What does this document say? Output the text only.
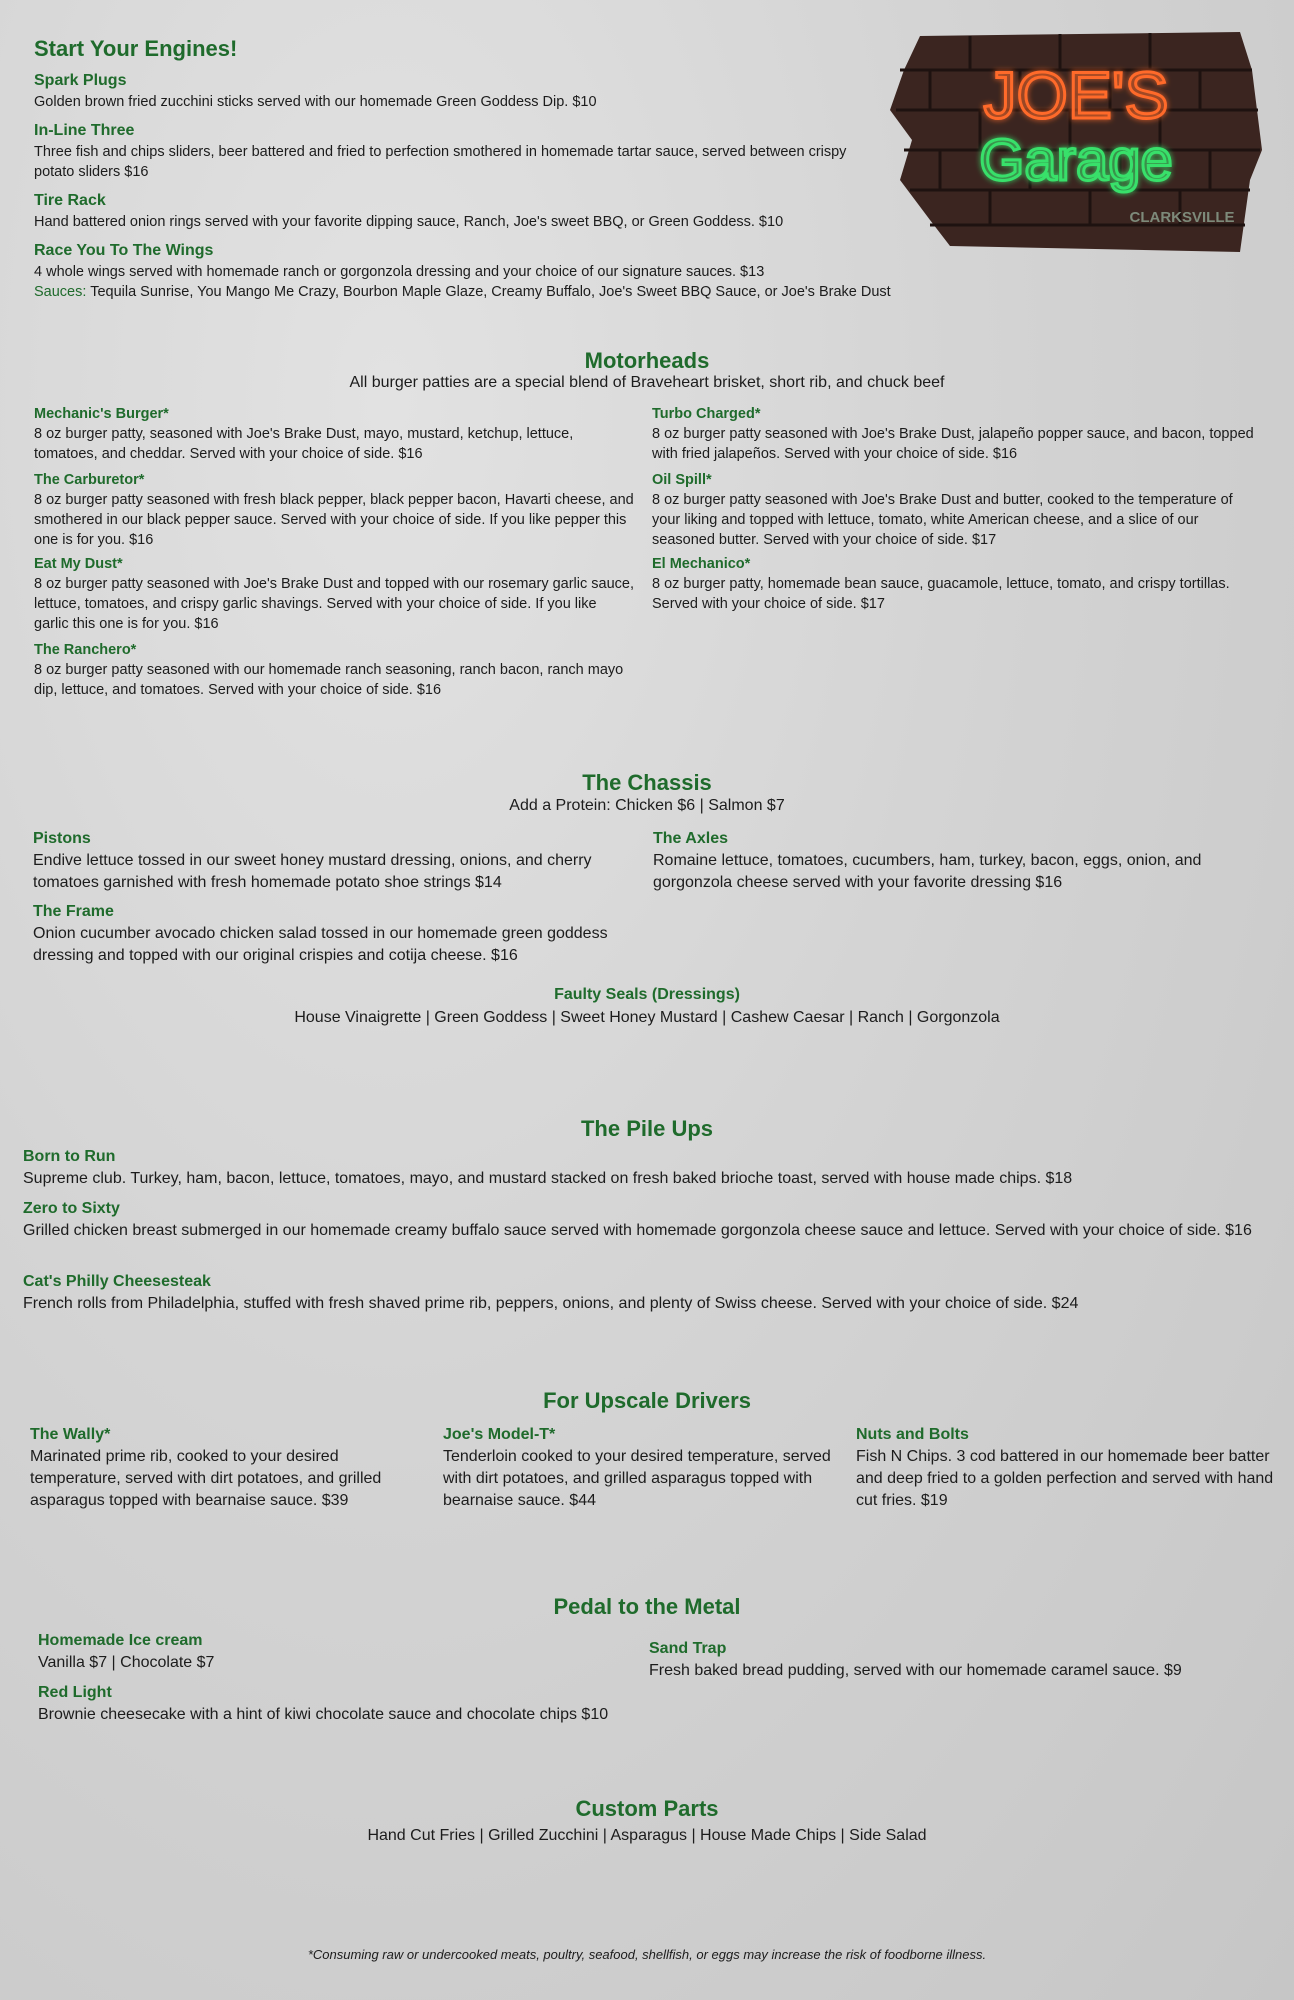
JOE'S
Garage
CLARKSVILLE
Start Your Engines!
Spark Plugs
Golden brown fried zucchini sticks served with our homemade Green Goddess Dip. $10
In-Line Three
Three fish and chips sliders, beer battered and fried to perfection smothered in homemade tartar sauce, served between crispy potato sliders $16
Tire Rack
Hand battered onion rings served with your favorite dipping sauce, Ranch, Joe's sweet BBQ, or Green Goddess. $10
Race You To The Wings
4 whole wings served with homemade ranch or gorgonzola dressing and your choice of our signature sauces. $13
Sauces: Tequila Sunrise, You Mango Me Crazy, Bourbon Maple Glaze, Creamy Buffalo, Joe's Sweet BBQ Sauce, or Joe's Brake Dust
Motorheads
All burger patties are a special blend of Braveheart brisket, short rib, and chuck beef
Mechanic's Burger*
8 oz burger patty, seasoned with Joe's Brake Dust, mayo, mustard, ketchup, lettuce, tomatoes, and cheddar. Served with your choice of side. $16
The Carburetor*
8 oz burger patty seasoned with fresh black pepper, black pepper bacon, Havarti cheese, and smothered in our black pepper sauce. Served with your choice of side. If you like pepper this one is for you. $16
Eat My Dust*
8 oz burger patty seasoned with Joe's Brake Dust and topped with our rosemary garlic sauce, lettuce, tomatoes, and crispy garlic shavings. Served with your choice of side. If you like garlic this one is for you. $16
The Ranchero*
8 oz burger patty seasoned with our homemade ranch seasoning, ranch bacon, ranch mayo dip, lettuce, and tomatoes. Served with your choice of side. $16
Turbo Charged*
8 oz burger patty seasoned with Joe's Brake Dust, jalapeño popper sauce, and bacon, topped with fried jalapeños. Served with your choice of side. $16
Oil Spill*
8 oz burger patty seasoned with Joe's Brake Dust and butter, cooked to the temperature of your liking and topped with lettuce, tomato, white American cheese, and a slice of our seasoned butter. Served with your choice of side. $17
El Mechanico*
8 oz burger patty, homemade bean sauce, guacamole, lettuce, tomato, and crispy tortillas. Served with your choice of side. $17
The Chassis
Add a Protein: Chicken $6 | Salmon $7
Pistons
Endive lettuce tossed in our sweet honey mustard dressing, onions, and cherry tomatoes garnished with fresh homemade potato shoe strings $14
The Frame
Onion cucumber avocado chicken salad tossed in our homemade green goddess dressing and topped with our original crispies and cotija cheese. $16
The Axles
Romaine lettuce, tomatoes, cucumbers, ham, turkey, bacon, eggs, onion, and gorgonzola cheese served with your favorite dressing $16
Faulty Seals (Dressings)
House Vinaigrette | Green Goddess | Sweet Honey Mustard | Cashew Caesar | Ranch | Gorgonzola
The Pile Ups
Born to Run
Supreme club. Turkey, ham, bacon, lettuce, tomatoes, mayo, and mustard stacked on fresh baked brioche toast, served with house made chips. $18
Zero to Sixty
Grilled chicken breast submerged in our homemade creamy buffalo sauce served with homemade gorgonzola cheese sauce and lettuce. Served with your choice of side. $16
Cat's Philly Cheesesteak
French rolls from Philadelphia, stuffed with fresh shaved prime rib, peppers, onions, and plenty of Swiss cheese. Served with your choice of side. $24
For Upscale Drivers
The Wally*
Marinated prime rib, cooked to your desired temperature, served with dirt potatoes, and grilled asparagus topped with bearnaise sauce. $39
Joe's Model-T*
Tenderloin cooked to your desired temperature, served with dirt potatoes, and grilled asparagus topped with bearnaise sauce. $44
Nuts and Bolts
Fish N Chips. 3 cod battered in our homemade beer batter and deep fried to a golden perfection and served with hand cut fries. $19
Pedal to the Metal
Homemade Ice cream
Vanilla $7 | Chocolate $7
Red Light
Brownie cheesecake with a hint of kiwi chocolate sauce and chocolate chips $10
Sand Trap
Fresh baked bread pudding, served with our homemade caramel sauce. $9
Custom Parts
Hand Cut Fries | Grilled Zucchini | Asparagus | House Made Chips | Side Salad
*Consuming raw or undercooked meats, poultry, seafood, shellfish, or eggs may increase the risk of foodborne illness.
